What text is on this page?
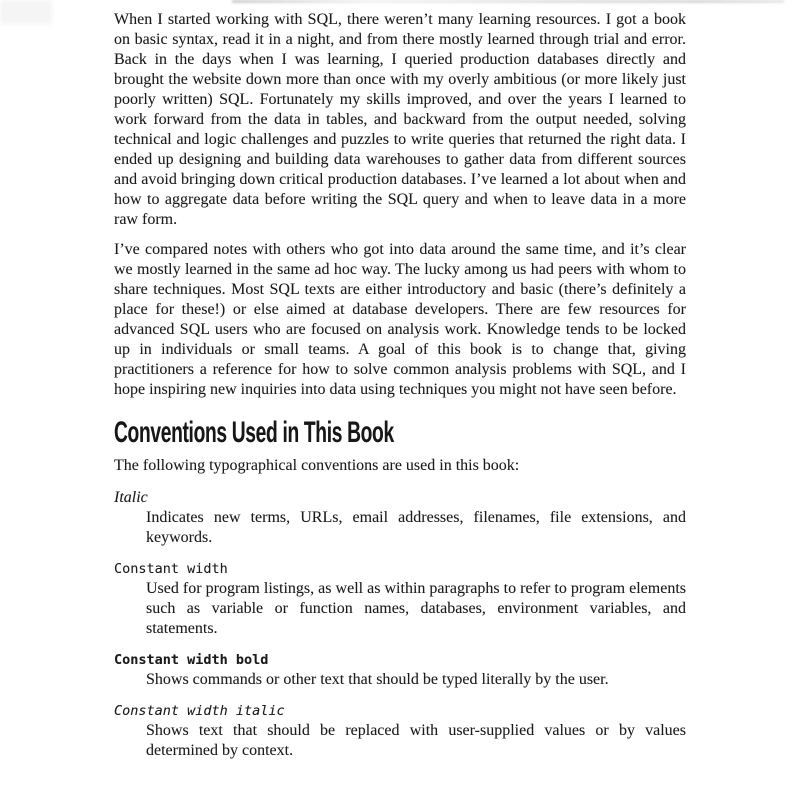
When I started working with SQL, there weren’t many learning resources. I got a book on basic syntax, read it in a night, and from there mostly learned through trial and error. Back in the days when I was learning, I queried production databases directly and brought the website down more than once with my overly ambitious (or more likely just poorly written) SQL. Fortunately my skills improved, and over the years I learned to work forward from the data in tables, and backward from the output needed, solving technical and logic challenges and puzzles to write queries that returned the right data. I ended up designing and building data warehouses to gather data from different sources and avoid bringing down critical production databases. I’ve learned a lot about when and how to aggregate data before writing the SQL query and when to leave data in a more raw form.

I’ve compared notes with others who got into data around the same time, and it’s clear we mostly learned in the same ad hoc way. The lucky among us had peers with whom to share techniques. Most SQL texts are either introductory and basic (there’s definitely a place for these!) or else aimed at database developers. There are few resources for advanced SQL users who are focused on analysis work. Knowledge tends to be locked up in individuals or small teams. A goal of this book is to change that, giving practitioners a reference for how to solve common analysis problems with SQL, and I hope inspiring new inquiries into data using techniques you might not have seen before.

Conventions Used in This Book

The following typographical conventions are used in this book:

Italic
Indicates new terms, URLs, email addresses, filenames, file extensions, and keywords.
Constant width
Used for program listings, as well as within paragraphs to refer to program elements such as variable or function names, databases, environment variables, and statements.
Constant width bold
Shows commands or other text that should be typed literally by the user.
Constant width italic
Shows text that should be replaced with user-supplied values or by values determined by context.
